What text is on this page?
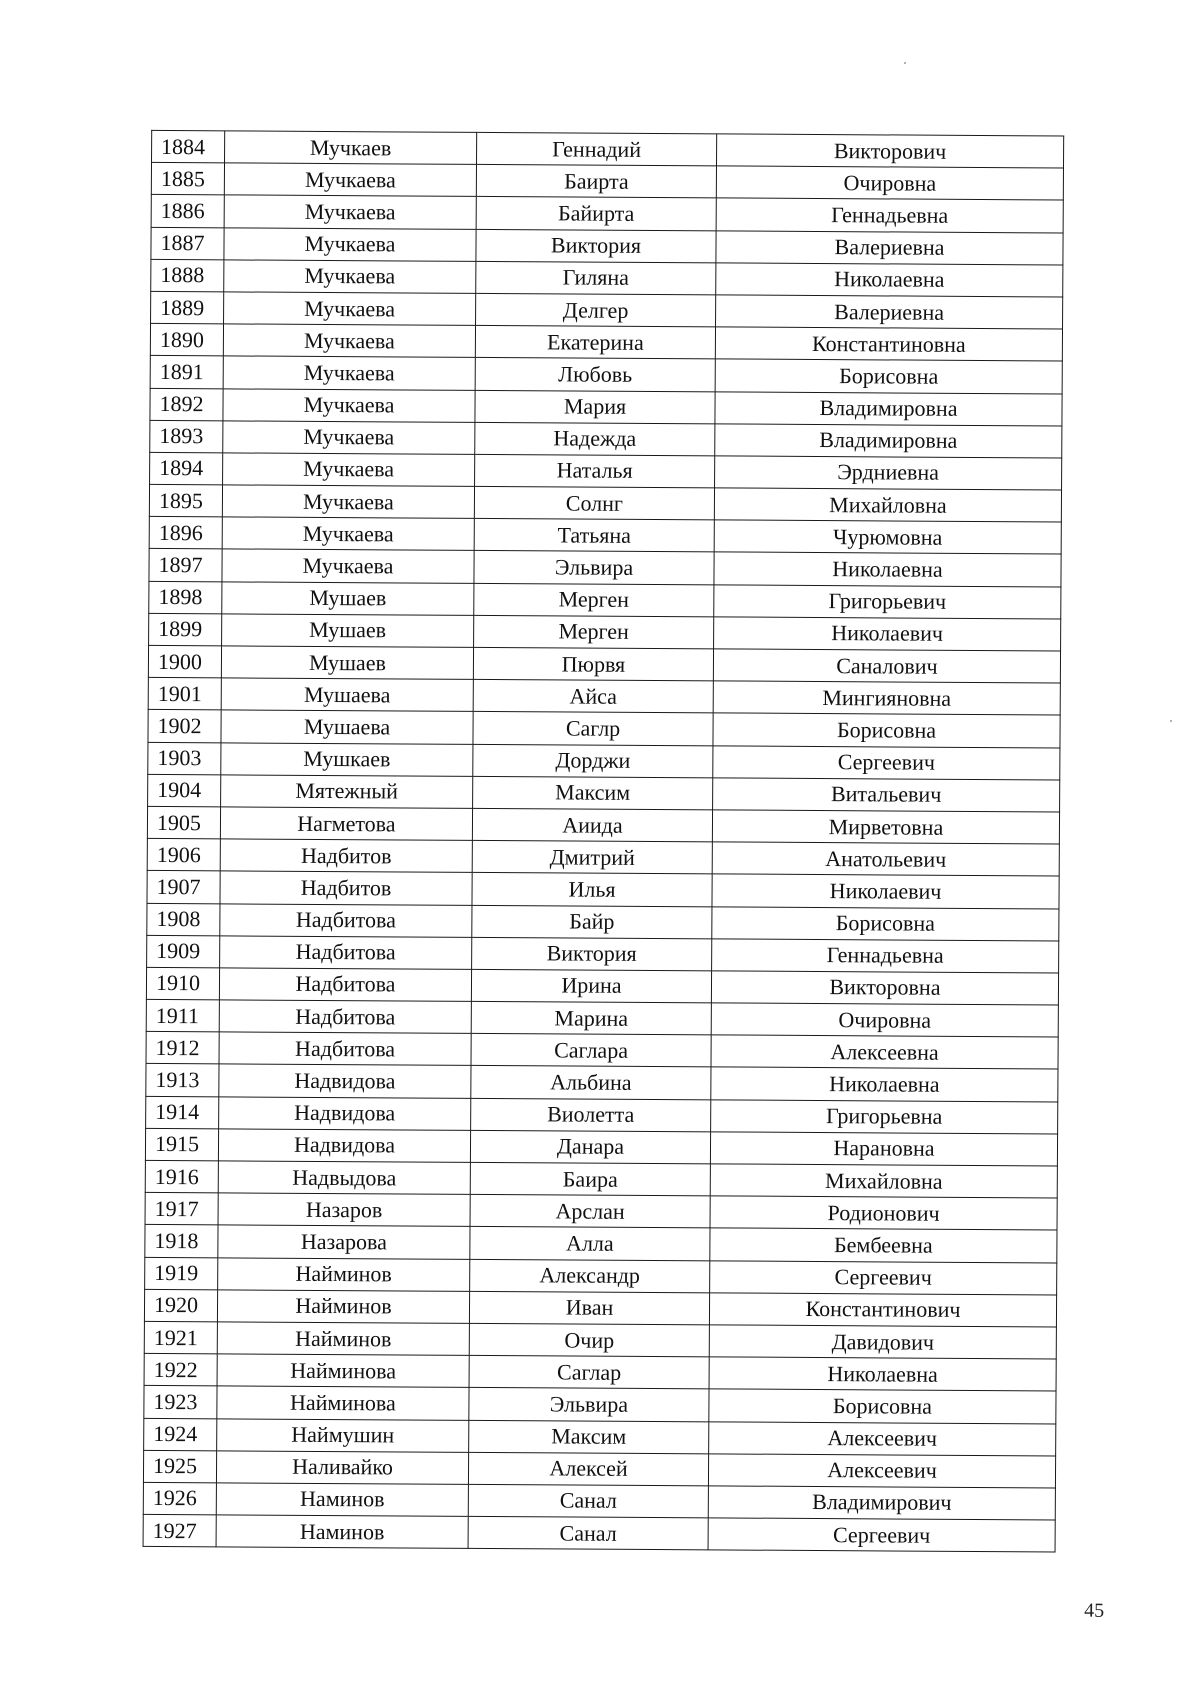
1884	Мучкаев	Геннадий	Викторович
1885	Мучкаева	Баирта	Очировна
1886	Мучкаева	Байирта	Геннадьевна
1887	Мучкаева	Виктория	Валериевна
1888	Мучкаева	Гиляна	Николаевна
1889	Мучкаева	Делгер	Валериевна
1890	Мучкаева	Екатерина	Константиновна
1891	Мучкаева	Любовь	Борисовна
1892	Мучкаева	Мария	Владимировна
1893	Мучкаева	Надежда	Владимировна
1894	Мучкаева	Наталья	Эрдниевна
1895	Мучкаева	Солнг	Михайловна
1896	Мучкаева	Татьяна	Чурюмовна
1897	Мучкаева	Эльвира	Николаевна
1898	Мушаев	Мерген	Григорьевич
1899	Мушаев	Мерген	Николаевич
1900	Мушаев	Пюрвя	Саналович
1901	Мушаева	Айса	Мингияновна
1902	Мушаева	Саглр	Борисовна
1903	Мушкаев	Дорджи	Сергеевич
1904	Мятежный	Максим	Витальевич
1905	Нагметова	Аиида	Мирветовна
1906	Надбитов	Дмитрий	Анатольевич
1907	Надбитов	Илья	Николаевич
1908	Надбитова	Байр	Борисовна
1909	Надбитова	Виктория	Геннадьевна
1910	Надбитова	Ирина	Викторовна
1911	Надбитова	Марина	Очировна
1912	Надбитова	Саглара	Алексеевна
1913	Надвидова	Альбина	Николаевна
1914	Надвидова	Виолетта	Григорьевна
1915	Надвидова	Данара	Нарановна
1916	Надвыдова	Баира	Михайловна
1917	Назаров	Арслан	Родионович
1918	Назарова	Алла	Бембеевна
1919	Найминов	Александр	Сергеевич
1920	Найминов	Иван	Константинович
1921	Найминов	Очир	Давидович
1922	Найминова	Саглар	Николаевна
1923	Найминова	Эльвира	Борисовна
1924	Наймушин	Максим	Алексеевич
1925	Наливайко	Алексей	Алексеевич
1926	Наминов	Санал	Владимирович
1927	Наминов	Санал	Сергеевич
45
